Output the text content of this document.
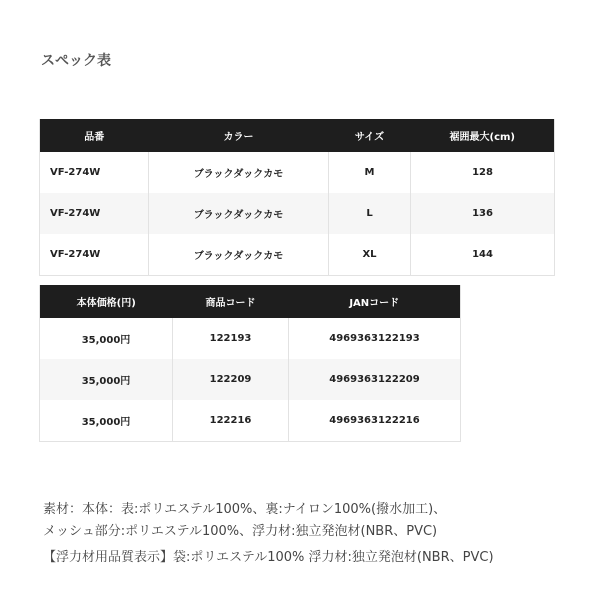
スペック表
品番	カラー	サイズ	裾囲最大(cm)
VF-274W	ブラックダックカモ	M	128
VF-274W	ブラックダックカモ	L	136
VF-274W	ブラックダックカモ	XL	144
本体価格(円)	商品コード	JANコード
35,000円	122193	4969363122193
35,000円	122209	4969363122209
35,000円	122216	4969363122216

素材：本体：表:ポリエステル100%、裏:ナイロン100%(撥水加工)、

メッシュ部分:ポリエステル100%、浮力材:独立発泡材(NBR、PVC)

【浮力材用品質表示】袋:ポリエステル100% 浮力材:独立発泡材(NBR、PVC)
